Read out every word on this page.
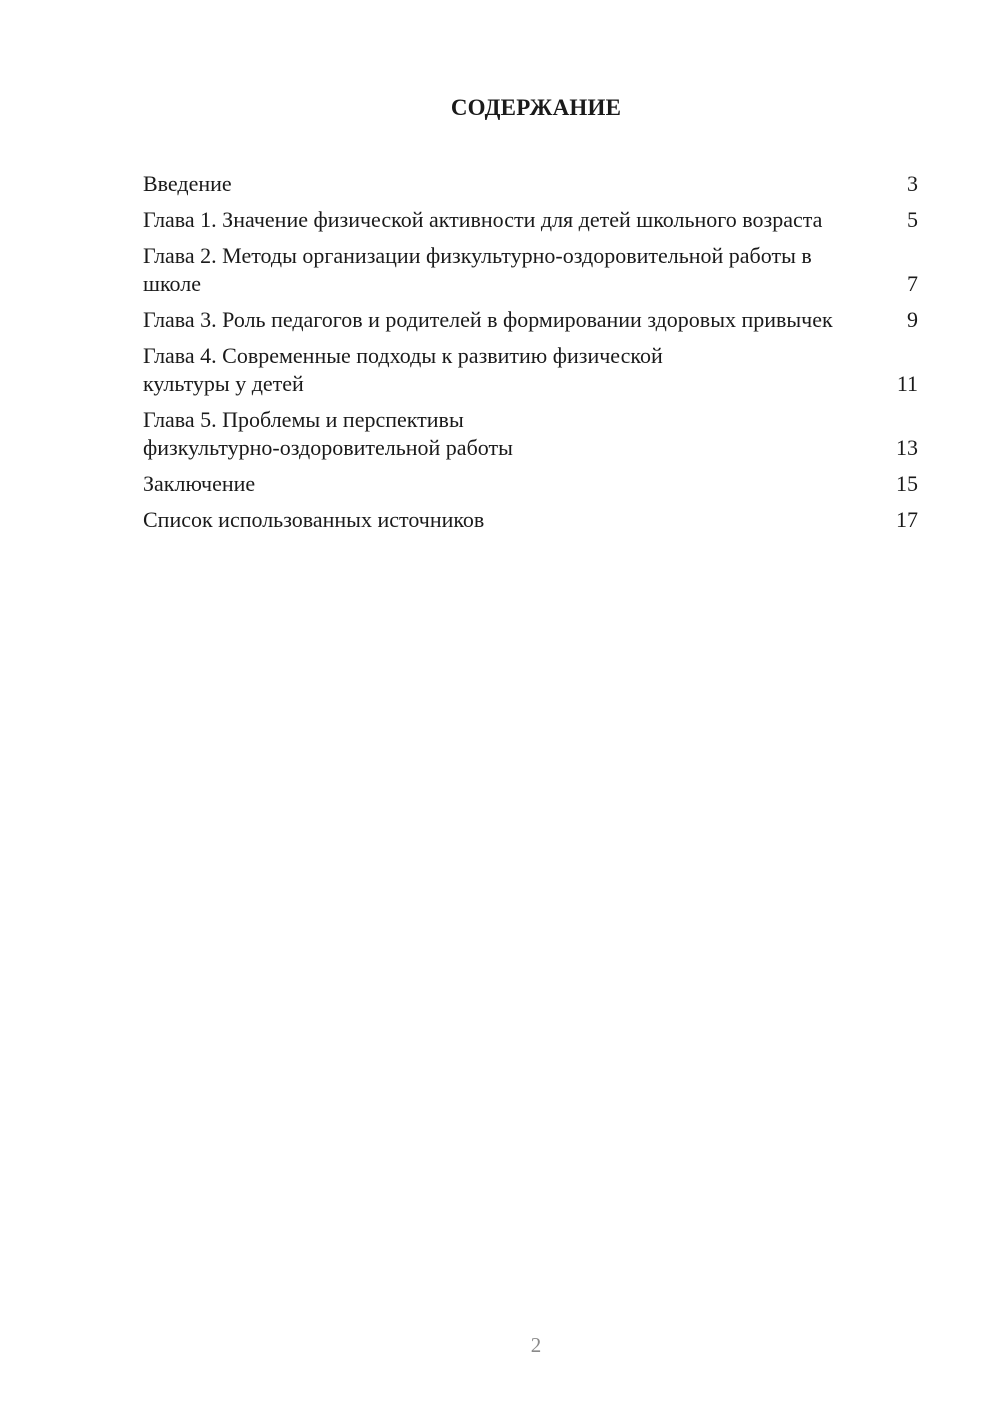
СОДЕРЖАНИЕ
Введение	3
Глава 1. Значение физической активности для детей школьного возраста	5
Глава 2. Методы организации физкультурно-оздоровительной работы в школе	7
Глава 3. Роль педагогов и родителей в формировании здоровых привычек	9
Глава 4. Современные подходы к развитию физической культуры у детей	11
Глава 5. Проблемы и перспективы физкультурно-оздоровительной работы	13
Заключение	15
Список использованных источников	17
2
